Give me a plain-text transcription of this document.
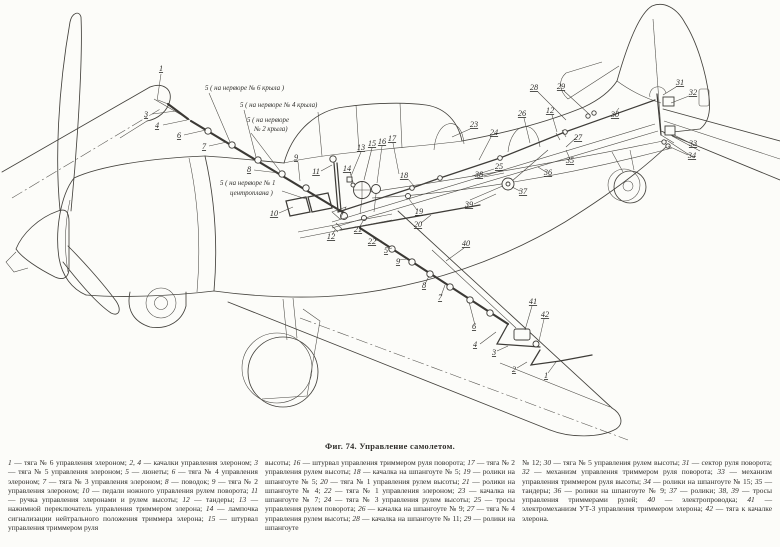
1
3
4
6
7
8
9
11	14
13 15 16 17
18
19
20
10
12
21
22
5
9
8
7
6
4
3
2
1
40
41
42
23
24
25
38
39
26 12
28 29
30
27
31
32
33
34
35
36
37
5 ( на нервюре № 6 крыла )
5 ( на нервюре № 4 крыла)
5 ( на нервюре
№ 2 крыла)
5 ( на нервюре № 1
центроплана )
Фиг. 74. Управление самолетом.
1 — тяга № 6 управления элероном; 2, 4 — качалки управления элероном; 3 — тяга № 5 управления элероном; 5 — люнеты; 6 — тяга № 4 управления элероном; 7 — тяга № 3 управления элероном; 8 — поводок; 9 — тяга № 2 управления элероном; 10 — педали ножного управления рулем поворота; 11 — ручка управления элеронами и рулем высоты; 12 — тандеры; 13 — нажимной переключатель управления триммером элерона; 14 — лампочка сигнализации нейтрального положения триммера элерона; 15 — штурвал управления триммером руля
высоты; 16 — штурвал управления триммером руля поворота; 17 — тяга № 2 управления рулем высоты; 18 — качалка на шпангоуте № 5; 19 — ролики на шпангоуте № 5; 20 — тяга № 1 управления рулем высоты; 21 — ролики на шпангоуте № 4; 22 — тяга № 1 управления элероном; 23 — качалка на шпангоуте № 7; 24 — тяга № 3 управления рулем высоты; 25 — тросы управления рулем поворота; 26 — качалка на шпангоуте № 9; 27 — тяга № 4 управления рулем высоты; 28 — качалка на шпангоуте № 11; 29 — ролики на шпангоуте
№ 12; 30 — тяга № 5 управления рулем высоты; 31 — сектор руля поворота; 32 — механизм управления триммером руля поворота; 33 — механизм управления триммером руля высоты; 34 — ролики на шпангоуте № 15; 35 — тандеры; 36 — ролики на шпангоуте № 9; 37 — ролики; 38, 39 — тросы управления триммерами рулей; 40 — электропроводка; 41 — электромеханизм УТ-3 управления триммером элерона; 42 — тяга к качалке элерона.
